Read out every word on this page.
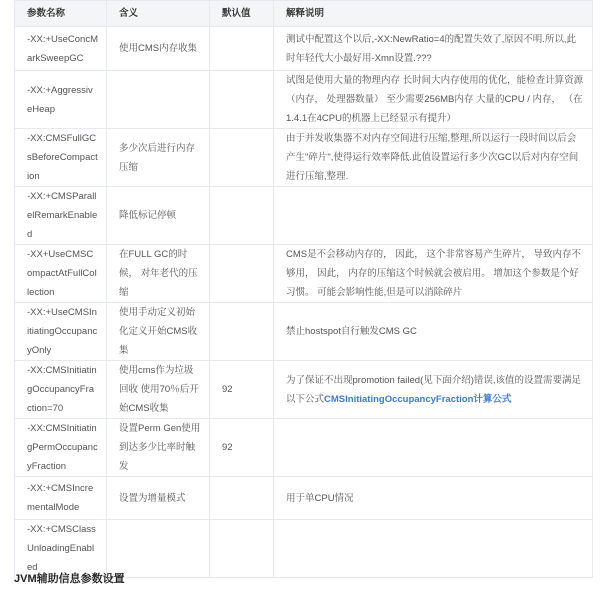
参数名称	含义	默认值	解释说明
-XX:+UseConcMarkSweepGC	使用CMS内存收集		测试中配置这个以后,-XX:NewRatio=4的配置失效了,原因不明.所以,此时年轻代大小最好用-Xmn设置.???
-XX:+AggressiveHeap			试图是使用大量的物理内存 长时间大内存使用的优化，能检查计算资源（内存， 处理器数量） 至少需要256MB内存 大量的CPU / 内存， （在1.4.1在4CPU的机器上已经显示有提升）
-XX:CMSFullGCsBeforeCompaction	多少次后进行内存压缩		由于并发收集器不对内存空间进行压缩,整理,所以运行一段时间以后会产生"碎片",使得运行效率降低.此值设置运行多少次GC以后对内存空间进行压缩,整理.
-XX:+CMSParallelRemarkEnabled	降低标记停顿		
-XX+UseCMSCompactAtFullCollection	在FULL GC的时候， 对年老代的压缩		CMS是不会移动内存的， 因此， 这个非常容易产生碎片， 导致内存不够用， 因此， 内存的压缩这个时候就会被启用。 增加这个参数是个好习惯。 可能会影响性能,但是可以消除碎片
-XX:+UseCMSInitiatingOccupancyOnly	使用手动定义初始化定义开始CMS收集		禁止hostspot自行触发CMS GC
-XX:CMSInitiatingOccupancyFraction=70	使用cms作为垃圾回收 使用70％后开始CMS收集	92	为了保证不出现promotion failed(见下面介绍)错误,该值的设置需要满足以下公式CMSInitiatingOccupancyFraction计算公式
-XX:CMSInitiatingPermOccupancyFraction	设置Perm Gen使用到达多少比率时触发	92	
-XX:+CMSIncrementalMode	设置为增量模式		用于单CPU情况
-XX:+CMSClassUnloadingEnabled			
JVM辅助信息参数设置
